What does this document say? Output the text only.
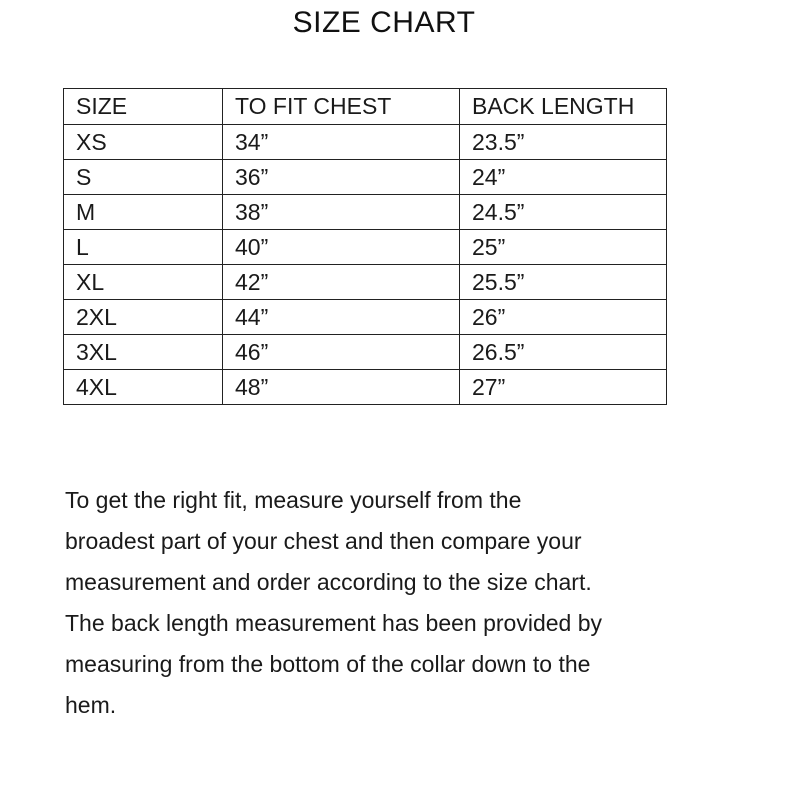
SIZE CHART
SIZE	TO FIT CHEST	BACK LENGTH
XS	34”	23.5”
S	36”	24”
M	38”	24.5”
L	40”	25”
XL	42”	25.5”
2XL	44”	26”
3XL	46”	26.5”
4XL	48”	27”
To get the right fit, measure yourself from the
broadest part of your chest and then compare your
measurement and order according to the size chart.
The back length measurement has been provided by
measuring from the bottom of the collar down to the
hem.
